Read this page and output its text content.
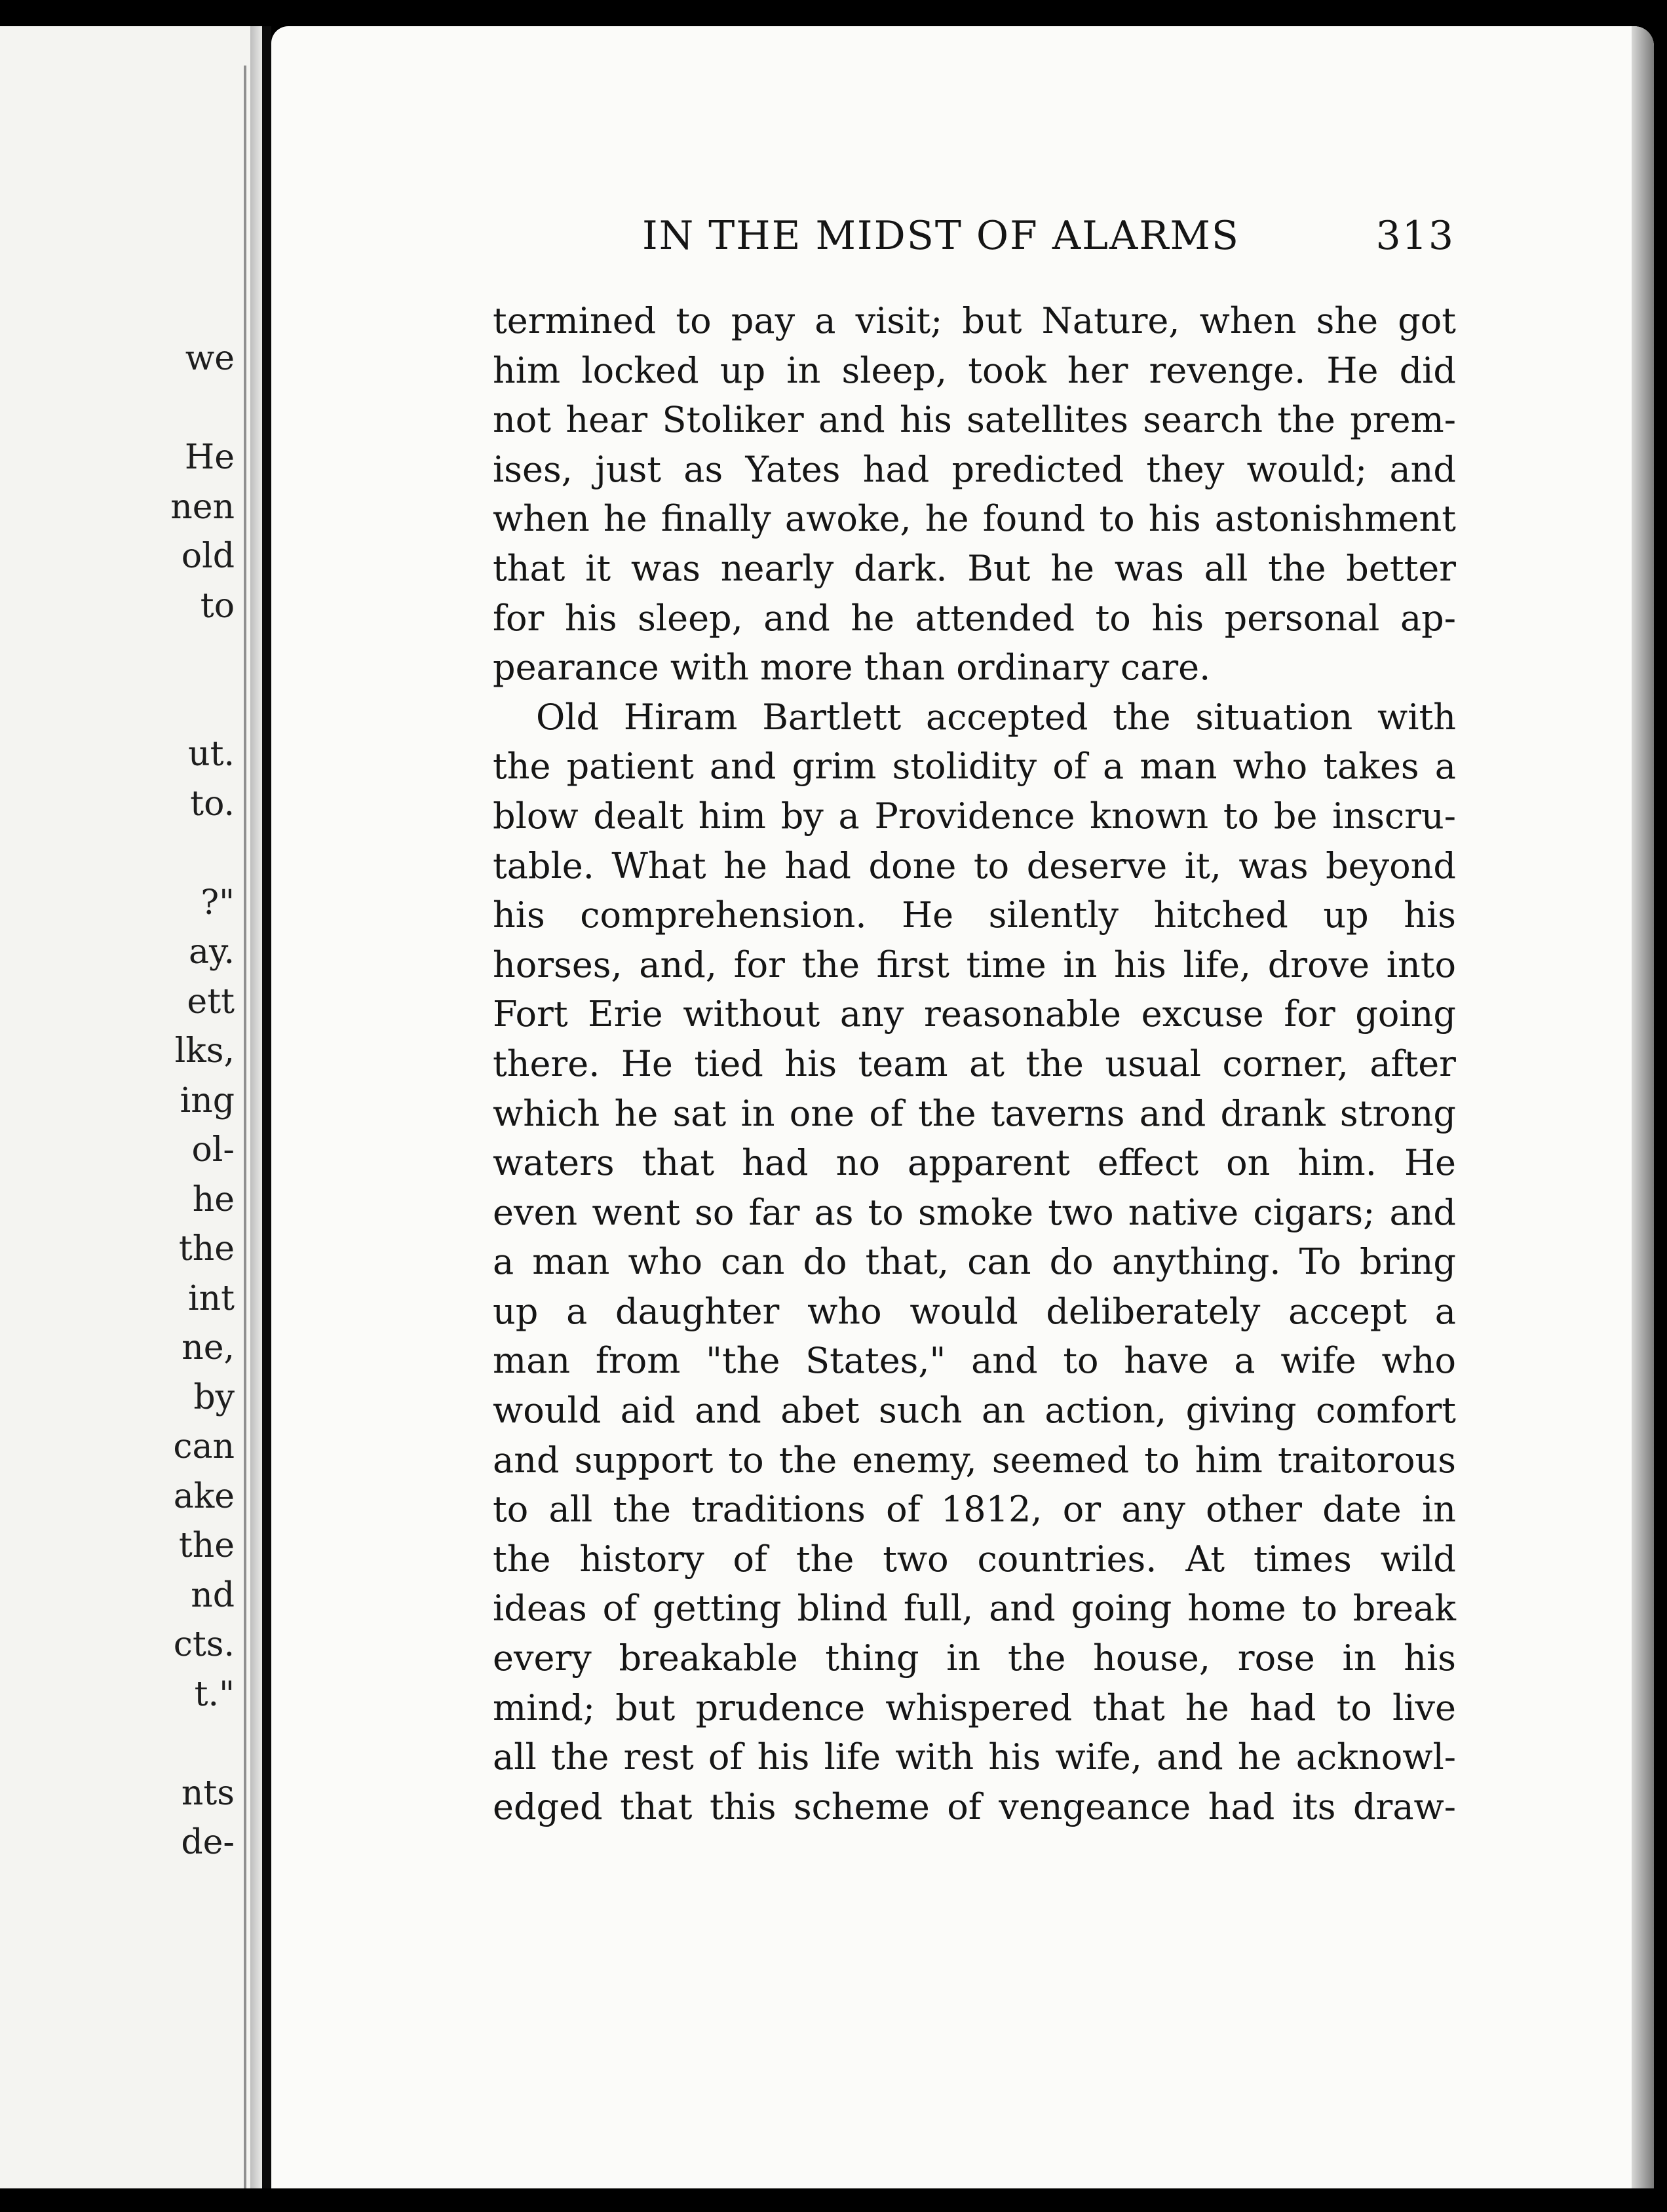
we
He
nen
old
to
ut.
to.
?"
ay.
ett
lks,
ing
ol-
he
the
int
ne,
by
can
ake
the
nd
cts.
t."
nts
de-
IN THE MIDST OF ALARMS	313
termined to pay a visit; but Nature, when she got
him locked up in sleep, took her revenge. He did
not hear Stoliker and his satellites search the prem-
ises, just as Yates had predicted they would; and
when he finally awoke, he found to his astonishment
that it was nearly dark. But he was all the better
for his sleep, and he attended to his personal ap-
pearance with more than ordinary care.
Old Hiram Bartlett accepted the situation with
the patient and grim stolidity of a man who takes a
blow dealt him by a Providence known to be inscru-
table. What he had done to deserve it, was beyond
his comprehension. He silently hitched up his
horses, and, for the first time in his life, drove into
Fort Erie without any reasonable excuse for going
there. He tied his team at the usual corner, after
which he sat in one of the taverns and drank strong
waters that had no apparent effect on him. He
even went so far as to smoke two native cigars; and
a man who can do that, can do anything. To bring
up a daughter who would deliberately accept a
man from "the States," and to have a wife who
would aid and abet such an action, giving comfort
and support to the enemy, seemed to him traitorous
to all the traditions of 1812, or any other date in
the history of the two countries. At times wild
ideas of getting blind full, and going home to break
every breakable thing in the house, rose in his
mind; but prudence whispered that he had to live
all the rest of his life with his wife, and he acknowl-
edged that this scheme of vengeance had its draw-
